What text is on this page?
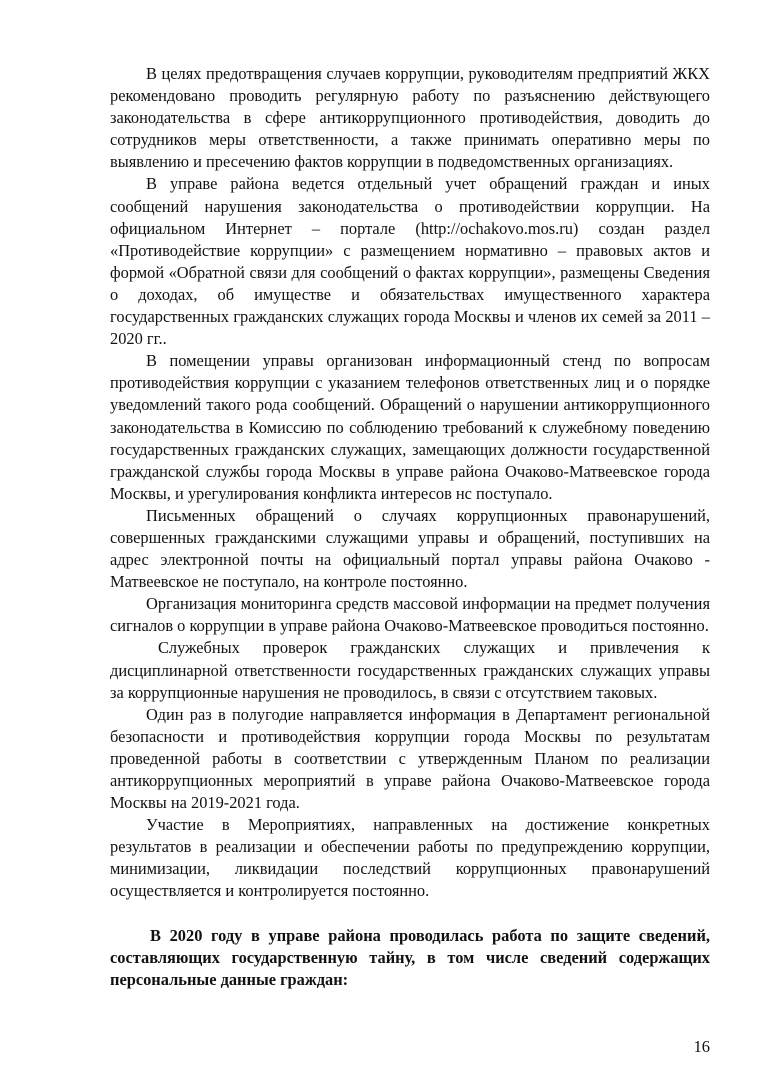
В целях предотвращения случаев коррупции, руководителям предприятий ЖКХ рекомендовано проводить регулярную работу по разъяснению действующего законодательства в сфере антикоррупционного противодействия, доводить до сотрудников меры ответственности, а также принимать оперативно меры по выявлению и пресечению фактов коррупции в подведомственных организациях.

В управе района ведется отдельный учет обращений граждан и иных сообщений нарушения законодательства о противодействии коррупции. На официальном Интернет – портале (http://ochakovo.mos.ru) создан раздел «Противодействие коррупции» с размещением нормативно – правовых актов и формой «Обратной связи для сообщений о фактах коррупции», размещены Сведения о доходах, об имуществе и обязательствах имущественного характера государственных гражданских служащих города Москвы и членов их семей за 2011 – 2020 гг..

В помещении управы организован информационный стенд по вопросам противодействия коррупции с указанием телефонов ответственных лиц и о порядке уведомлений такого рода сообщений. Обращений о нарушении антикоррупционного законодательства в Комиссию по соблюдению требований к служебному поведению государственных гражданских служащих, замещающих должности государственной гражданской службы города Москвы в управе района Очаково-Матвеевское города Москвы, и урегулирования конфликта интересов нс поступало.

Письменных обращений о случаях коррупционных правонарушений, совершенных гражданскими служащими управы и обращений, поступивших на адрес электронной почты на официальный портал управы района Очаково - Матвеевское не поступало, на контроле постоянно.

Организация мониторинга средств массовой информации на предмет получения сигналов о коррупции в управе района Очаково-Матвеевское проводиться постоянно.

Служебных проверок гражданских служащих и привлечения к дисциплинарной ответственности государственных гражданских служащих управы за коррупционные нарушения не проводилось, в связи с отсутствием таковых.

Один раз в полугодие направляется информация в Департамент региональной безопасности и противодействия коррупции города Москвы по результатам проведенной работы в соответствии с утвержденным Планом по реализации антикоррупционных мероприятий в управе района Очаково-Матвеевское города Москвы на 2019-2021 года.

Участие в Мероприятиях, направленных на достижение конкретных результатов в реализации и обеспечении работы по предупреждению коррупции, минимизации, ликвидации последствий коррупционных правонарушений осуществляется и контролируется постоянно.

В 2020 году в управе района проводилась работа по защите сведений, составляющих государственную тайну, в том числе сведений содержащих персональные данные граждан:

16
